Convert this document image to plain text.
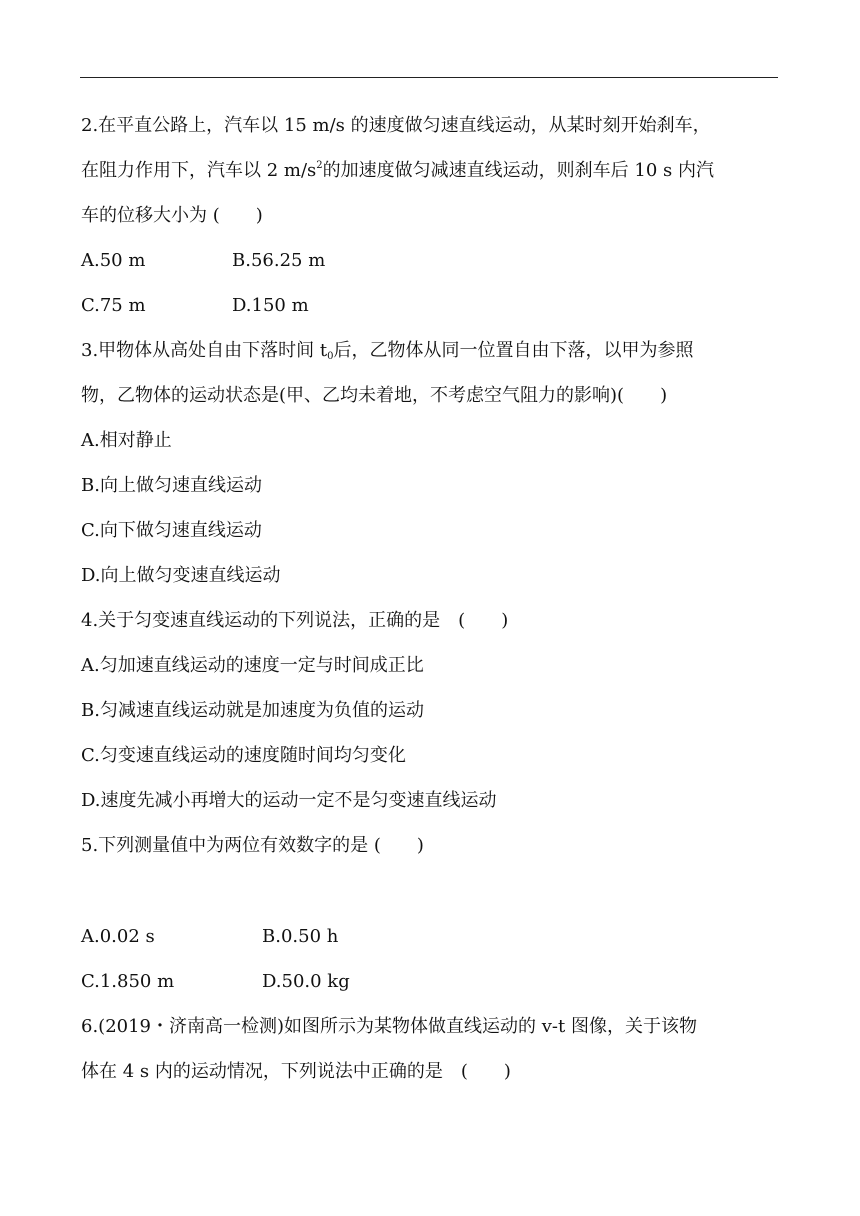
2.在平直公路上，汽车以 15 m/s 的速度做匀速直线运动，从某时刻开始刹车，
在阻力作用下，汽车以 2 $m/s^2$的加速度做匀减速直线运动，则刹车后 10 s 内汽
车的位移大小为 (　　)
A.50 m	B.56.25 m
C.75 m	D.150 m
3.甲物体从高处自由下落时间 $t_0$后，乙物体从同一位置自由下落，以甲为参照
物，乙物体的运动状态是(甲、乙均未着地，不考虑空气阻力的影响)(　　)
A.相对静止
B.向上做匀速直线运动
C.向下做匀速直线运动
D.向上做匀变速直线运动
4.关于匀变速直线运动的下列说法，正确的是　(　　)
A.匀加速直线运动的速度一定与时间成正比
B.匀减速直线运动就是加速度为负值的运动
C.匀变速直线运动的速度随时间均匀变化
D.速度先减小再增大的运动一定不是匀变速直线运动
5.下列测量值中为两位有效数字的是 (　　)
A.0.02 s	B.0.50 h
C.1.850 m	D.50.0 kg
6.(2019・济南高一检测)如图所示为某物体做直线运动的 v-t 图像，关于该物
体在 4 s 内的运动情况，下列说法中正确的是　(　　)
